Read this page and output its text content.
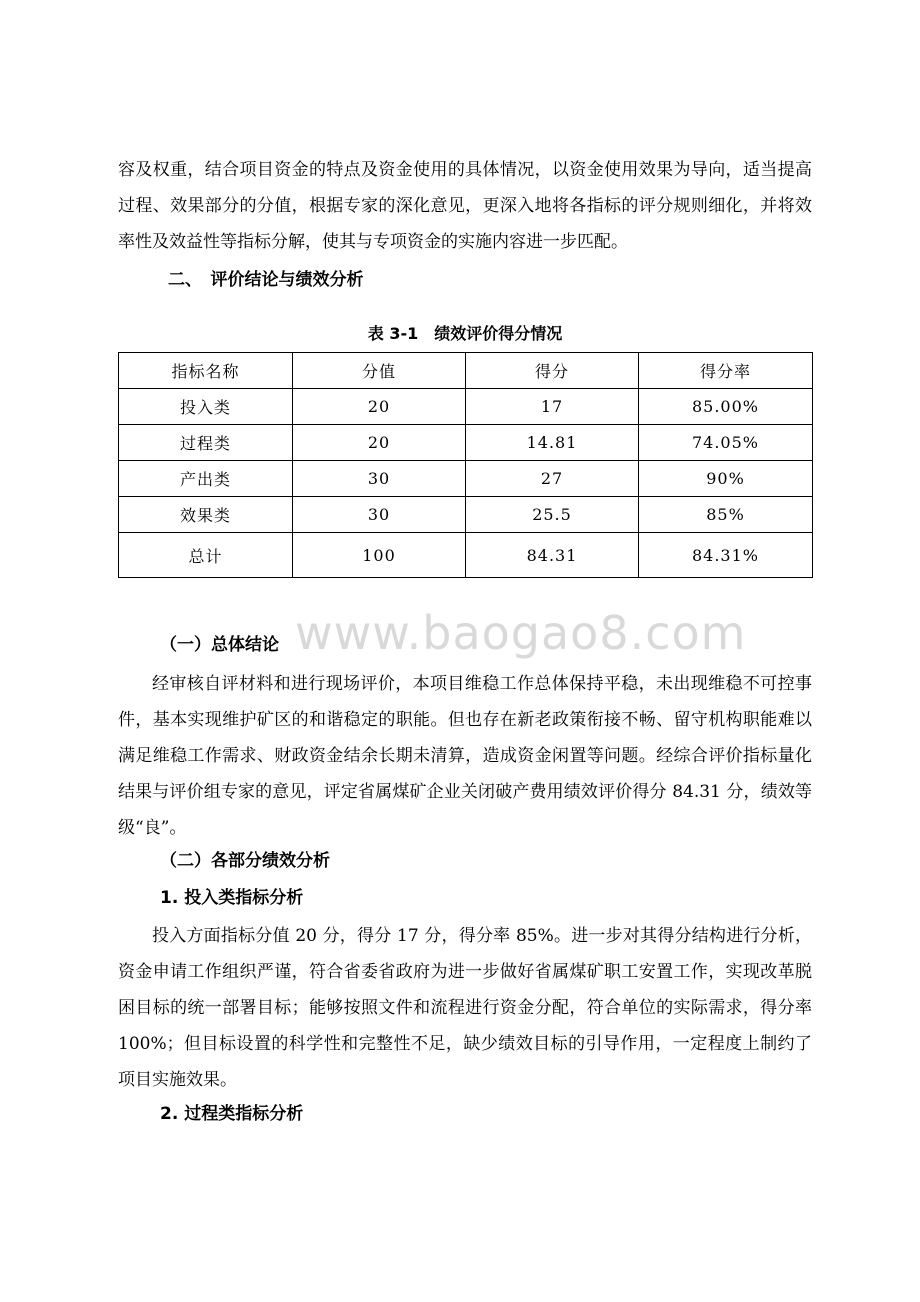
容及权重，结合项目资金的特点及资金使用的具体情况，以资金使用效果为导向，适当提高过程、效果部分的分值，根据专家的深化意见，更深入地将各指标的评分规则细化，并将效率性及效益性等指标分解，使其与专项资金的实施内容进一步匹配。

二、　评价结论与绩效分析

表 3-1　绩效评价得分情况
指标名称	分值	得分	得分率
投入类	20	17	85.00%
过程类	20	14.81	74.05%
产出类	30	27	90%
效果类	30	25.5	85%
总计	100	84.31	84.31%
www.baogao8.com

（一）总体结论

经审核自评材料和进行现场评价，本项目维稳工作总体保持平稳，未出现维稳不可控事件，基本实现维护矿区的和谐稳定的职能。但也存在新老政策衔接不畅、留守机构职能难以满足维稳工作需求、财政资金结余长期未清算，造成资金闲置等问题。经综合评价指标量化结果与评价组专家的意见，评定省属煤矿企业关闭破产费用绩效评价得分 84.31 分，绩效等级“良”。

（二）各部分绩效分析

1. 投入类指标分析

投入方面指标分值 20 分，得分 17 分，得分率 85%。进一步对其得分结构进行分析，资金申请工作组织严谨，符合省委省政府为进一步做好省属煤矿职工安置工作，实现改革脱困目标的统一部署目标；能够按照文件和流程进行资金分配，符合单位的实际需求，得分率 100%；但目标设置的科学性和完整性不足，缺少绩效目标的引导作用，一定程度上制约了项目实施效果。

2. 过程类指标分析
